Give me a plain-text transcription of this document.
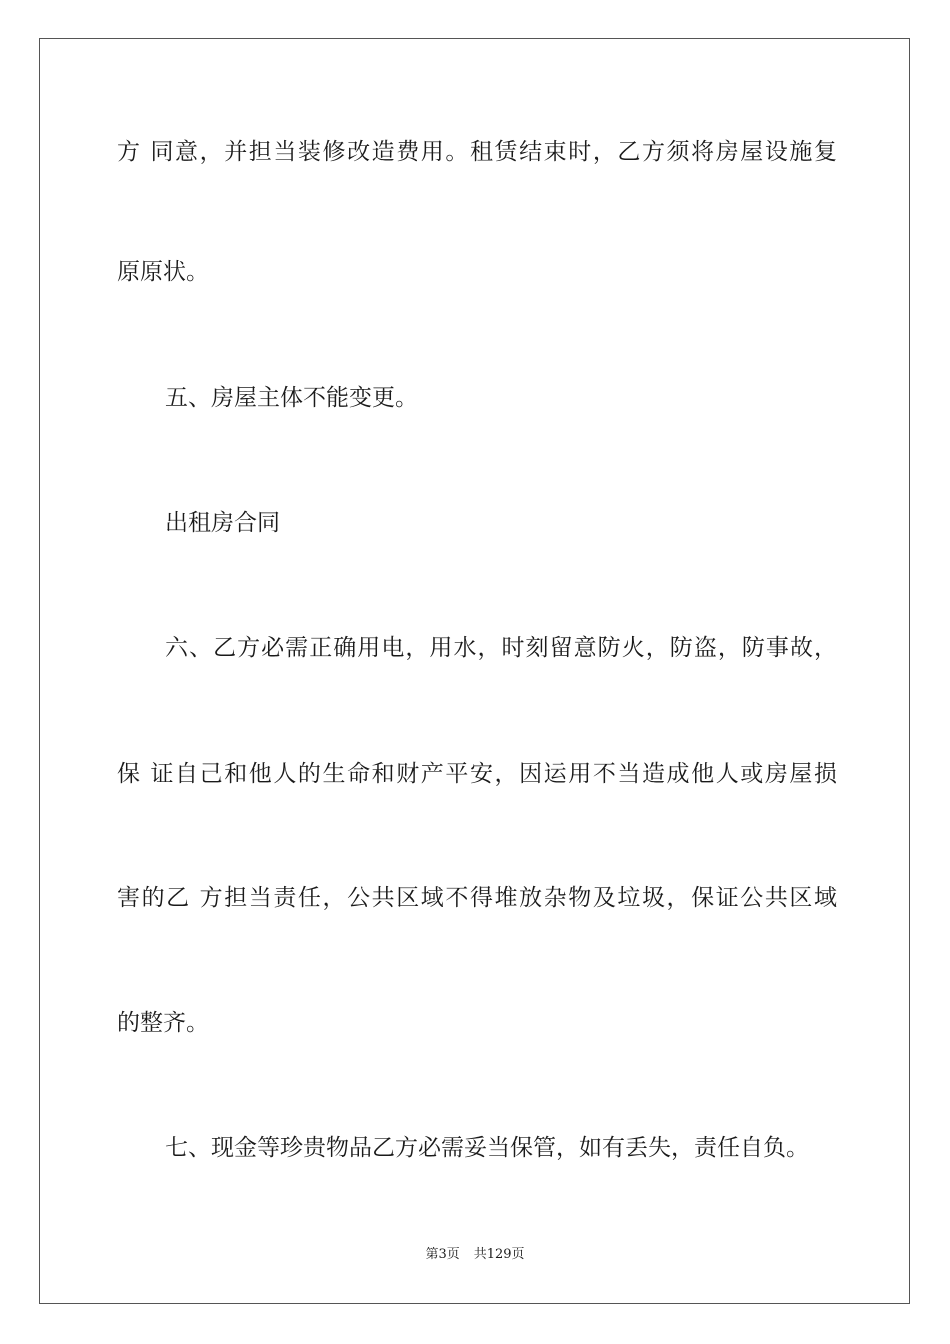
方 同意，并担当装修改造费用。租赁结束时，乙方须将房屋设施复
原原状。
五、房屋主体不能变更。
出租房合同
六、乙方必需正确用电，用水，时刻留意防火，防盗，防事故，
保 证自己和他人的生命和财产平安，因运用不当造成他人或房屋损
害的乙 方担当责任，公共区域不得堆放杂物及垃圾，保证公共区域
的整齐。
七、现金等珍贵物品乙方必需妥当保管，如有丢失，责任自负。
第3页 共129页
